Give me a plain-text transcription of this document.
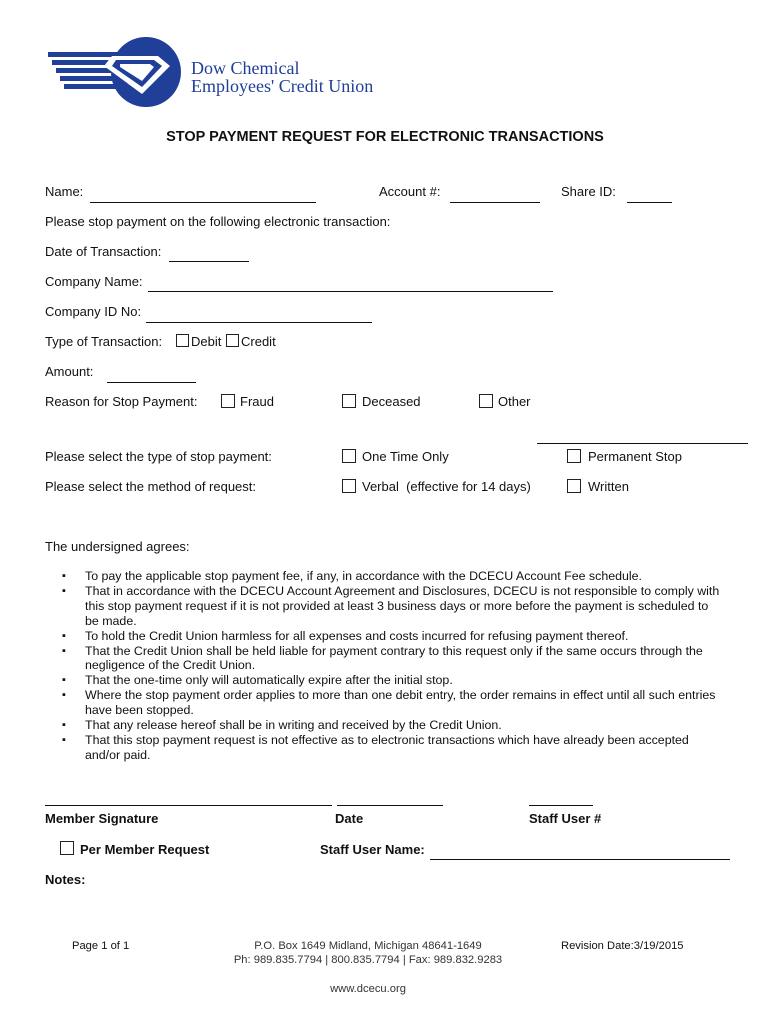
Dow Chemical
Employees' Credit Union
STOP PAYMENT REQUEST FOR ELECTRONIC TRANSACTIONS
Name:	Account #:	Share ID:
Please stop payment on the following electronic transaction:
Date of Transaction:
Company Name:
Company ID No:
Type of Transaction: Debit Credit
Amount:
Reason for Stop Payment:	Fraud	Deceased	Other
Please select the type of stop payment:	One Time Only	Permanent Stop
Please select the method of request:	Verbal  (effective for 14 days)	Written
The undersigned agrees:
▪ To pay the applicable stop payment fee, if any, in accordance with the DCECU Account Fee schedule.
▪ That in accordance with the DCECU Account Agreement and Disclosures, DCECU is not responsible to comply with this stop payment request if it is not provided at least 3 business days or more before the payment is scheduled to be made.
▪ To hold the Credit Union harmless for all expenses and costs incurred for refusing payment thereof.
▪ That the Credit Union shall be held liable for payment contrary to this request only if the same occurs through the negligence of the Credit Union.
▪ That the one-time only will automatically expire after the initial stop.
▪ Where the stop payment order applies to more than one debit entry, the order remains in effect until all such entries have been stopped.
▪ That any release hereof shall be in writing and received by the Credit Union.
▪ That this stop payment request is not effective as to electronic transactions which have already been accepted and/or paid.
Member Signature	Date	Staff User #
Per Member Request	Staff User Name:
Notes:
Page 1 of 1	P.O. Box 1649 Midland, Michigan 48641-1649
Ph: 989.835.7794 | 800.835.7794 | Fax: 989.832.9283
Revision Date:3/19/2015
www.dcecu.org
